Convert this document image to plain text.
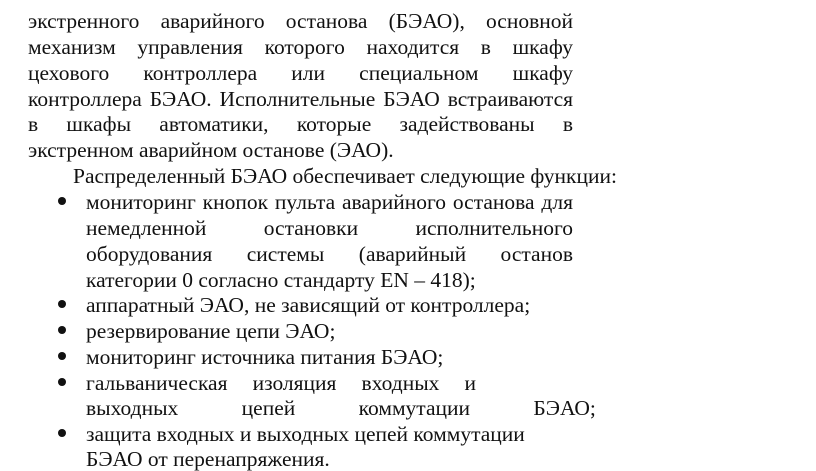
экстренного аварийного останова (БЭАО), основной
механизм управления которого находится в шкафу
цехового контроллера или специальном шкафу
контроллера БЭАО. Исполнительные БЭАО встраиваются
в шкафы автоматики, которые задействованы в
экстренном аварийном останове (ЭАО).
Распределенный БЭАО обеспечивает следующие функции:
мониторинг кнопок пульта аварийного останова для
немедленной остановки исполнительного
оборудования системы (аварийный останов
категории 0 согласно стандарту EN – 418);
аппаратный ЭАО, не зависящий от контроллера;
резервирование цепи ЭАО;
мониторинг источника питания БЭАО;
гальваническая изоляция входных и
выходных цепей коммутации БЭАО;
защита входных и выходных цепей коммутации
БЭАО от перенапряжения.
